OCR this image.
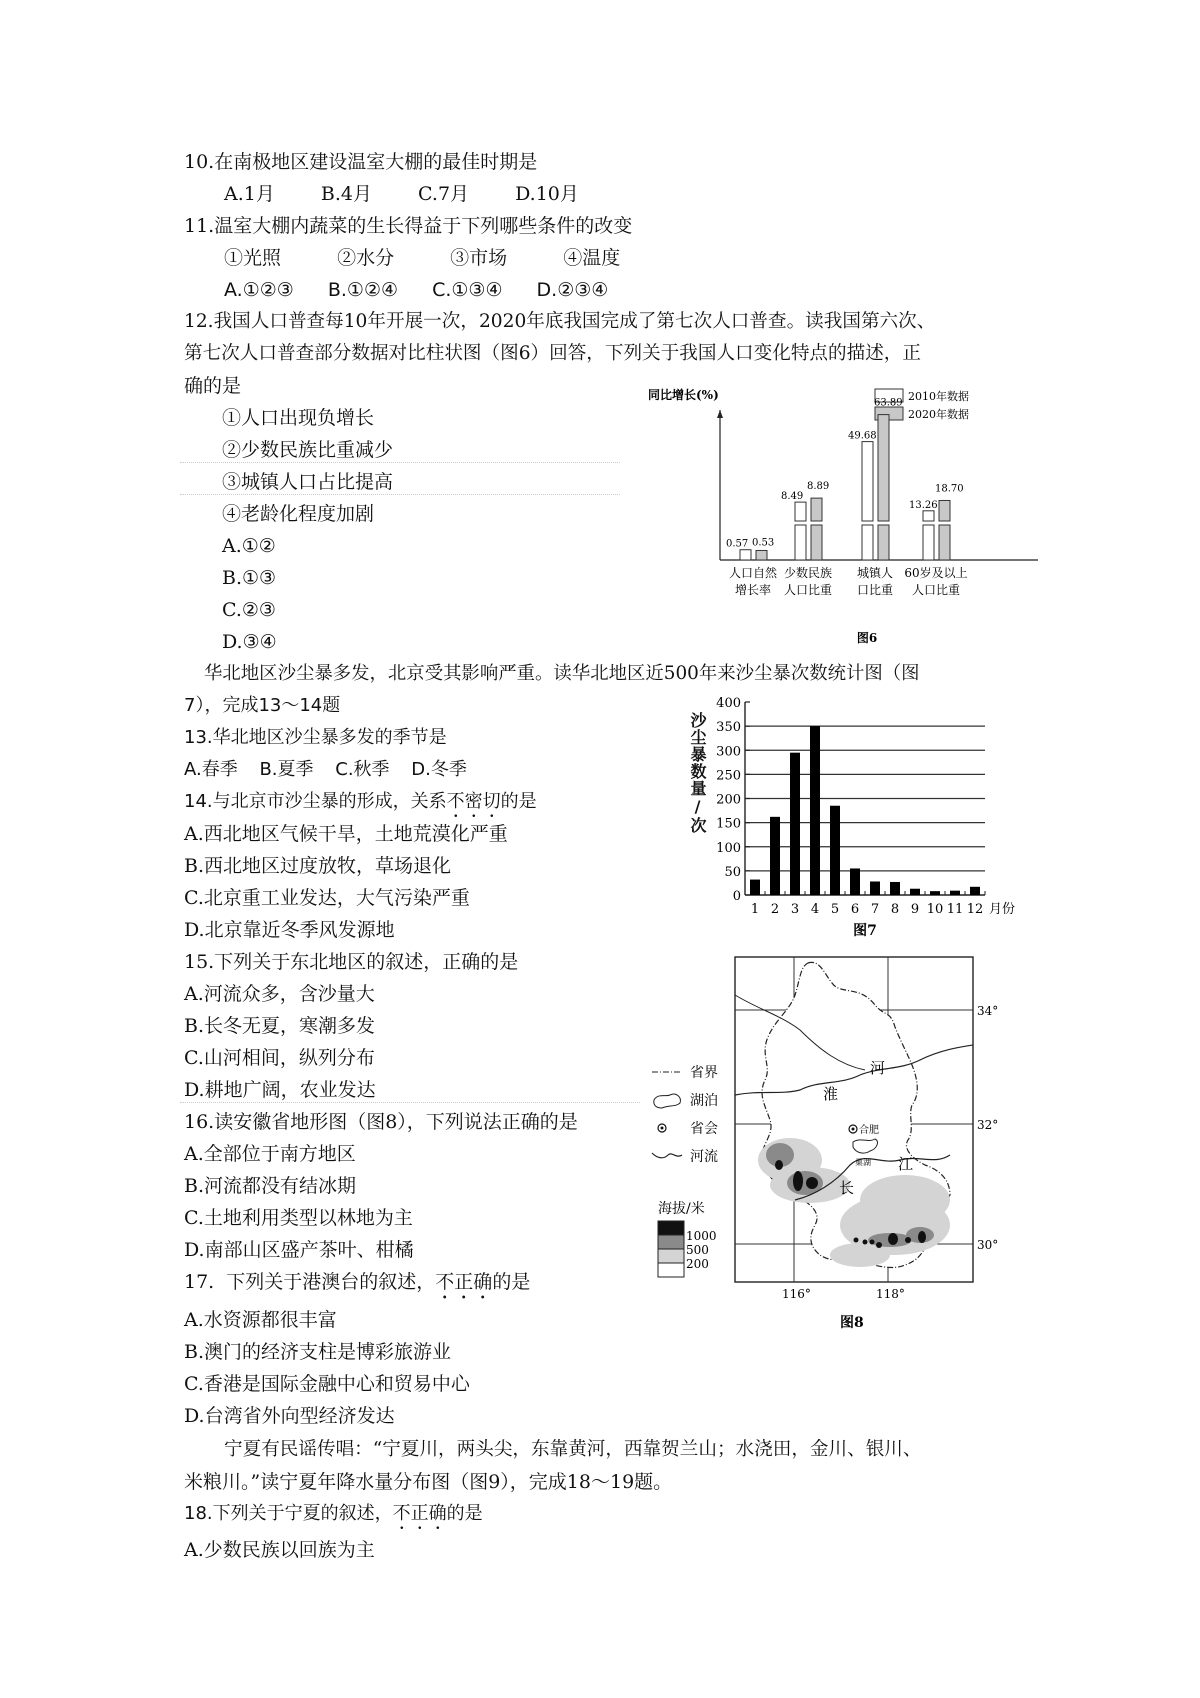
10.在南极地区建设温室大棚的最佳时期是
A.1月 B.4月 C.7月 D.10月
11.温室大棚内蔬菜的生长得益于下列哪些条件的改变
①光照	②水分	③市场	④温度
A.①②③ B.①②④ C.①③④ D.②③④
12.我国人口普查每10年开展一次，2020年底我国完成了第七次人口普查。读我国第六次、
第七次人口普查部分数据对比柱状图（图6）回答，下列关于我国人口变化特点的描述，正
确的是
①人口出现负增长
②少数民族比重减少
③城镇人口占比提高
④老龄化程度加剧
A.①②
B.①③
C.②③
D.③④
同比增长(%)	2010年数据
2020年数据
0.57 0.53
人口自然
增长率
8.49
8.89
少数民族
人口比重
49.68
63.89
城镇人
口比重
13.26
18.70
60岁及以上
人口比重
图6
华北地区沙尘暴多发，北京受其影响严重。读华北地区近500年来沙尘暴次数统计图（图
7），完成13～14题
13.华北地区沙尘暴多发的季节是
A.春季 B.夏季 C.秋季 D.冬季
14.与北京市沙尘暴的形成，关系不密切的是
A.西北地区气候干旱，土地荒漠化严重
B.西北地区过度放牧，草场退化
C.北京重工业发达，大气污染严重
D.北京靠近冬季风发源地
0
50
100
150
200
250
300
350
400
1 2 3 4 5 6 7 8 9 10 11 12 月份
图7
沙尘暴数量/次
15.下列关于东北地区的叙述，正确的是
A.河流众多，含沙量大
B.长冬无夏，寒潮多发
C.山河相间，纵列分布
D.耕地广阔，农业发达
16.读安徽省地形图（图8），下列说法正确的是
A.全部位于南方地区
B.河流都没有结冰期
C.土地利用类型以林地为主
D.南部山区盛产茶叶、柑橘
合肥
巢湖
河
淮
长
江
34°
32°
30°
116°	118°
图8
省界
湖泊
省会
河流
海拔/米
1000
500
200
17.  下列关于港澳台的叙述，不正确的是
A.水资源都很丰富
B.澳门的经济支柱是博彩旅游业
C.香港是国际金融中心和贸易中心
D.台湾省外向型经济发达
宁夏有民谣传唱：“宁夏川，两头尖，东靠黄河，西靠贺兰山；水浇田，金川、银川、
米粮川。”读宁夏年降水量分布图（图9），完成18～19题。
18.下列关于宁夏的叙述，不正确的是
A.少数民族以回族为主
